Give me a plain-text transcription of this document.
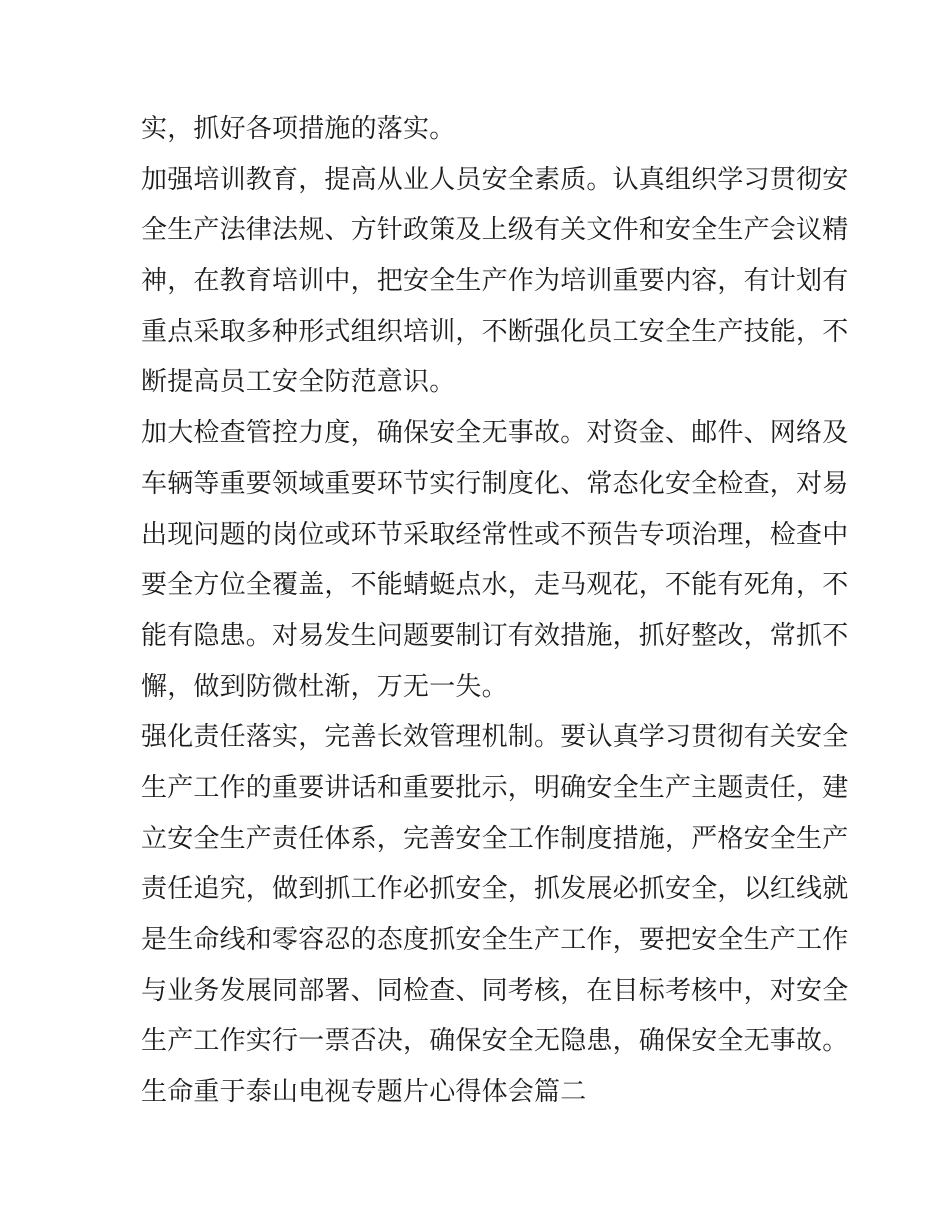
实，抓好各项措施的落实。
加强培训教育，提高从业人员安全素质。认真组织学习贯彻安
全生产法律法规、方针政策及上级有关文件和安全生产会议精
神，在教育培训中，把安全生产作为培训重要内容，有计划有
重点采取多种形式组织培训，不断强化员工安全生产技能，不
断提高员工安全防范意识。
加大检查管控力度，确保安全无事故。对资金、邮件、网络及
车辆等重要领域重要环节实行制度化、常态化安全检查，对易
出现问题的岗位或环节采取经常性或不预告专项治理，检查中
要全方位全覆盖，不能蜻蜓点水，走马观花，不能有死角，不
能有隐患。对易发生问题要制订有效措施，抓好整改，常抓不
懈，做到防微杜渐，万无一失。
强化责任落实，完善长效管理机制。要认真学习贯彻有关安全
生产工作的重要讲话和重要批示，明确安全生产主题责任，建
立安全生产责任体系，完善安全工作制度措施，严格安全生产
责任追究，做到抓工作必抓安全，抓发展必抓安全，以红线就
是生命线和零容忍的态度抓安全生产工作，要把安全生产工作
与业务发展同部署、同检查、同考核，在目标考核中，对安全
生产工作实行一票否决，确保安全无隐患，确保安全无事故。
生命重于泰山电视专题片心得体会篇二
